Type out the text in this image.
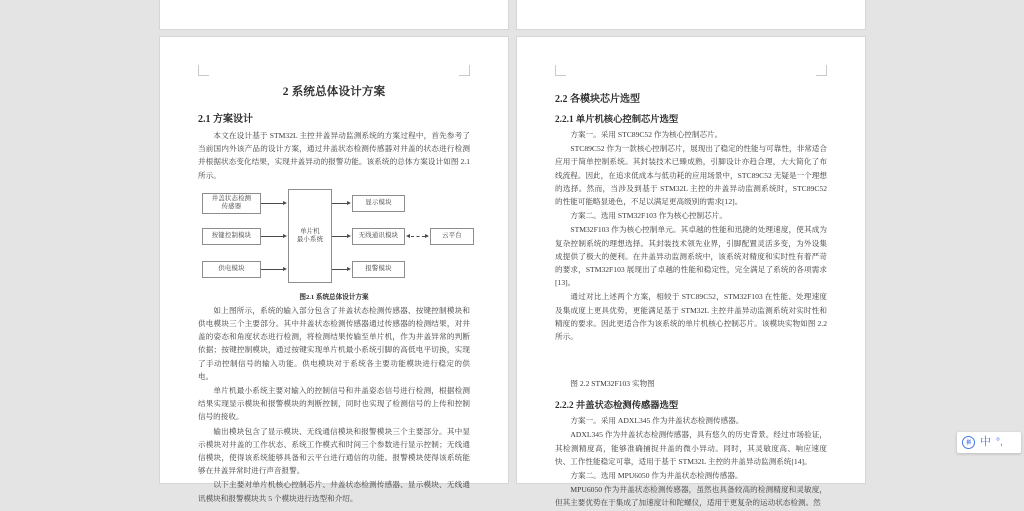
2 系统总体设计方案
2.1 方案设计

本文在设计基于 STM32L 主控井盖异动监测系统的方案过程中，首先参考了当前国内外该产品的设计方案，通过井盖状态检测传感器对井盖的状态进行检测并根据状态变化结果，实现井盖异动的报警功能。该系统的总体方案设计如图 2.1 所示。

井盖状态检测
传感器
按键控制模块
供电模块
单片机
最小系统
显示模块
无线通讯模块
报警模块
云平台
图2.1 系统总体设计方案

如上图所示，系统的输入部分包含了井盖状态检测传感器、按键控制模块和供电模块三个主要部分。其中井盖状态检测传感器通过传感器的检测结果，对井盖的姿态和角度状态进行检测，将检测结果传输至单片机，作为井盖异常的判断依据；按键控制模块，通过按键实现单片机最小系统引脚的高低电平切换，实现了手动控制信号的输入功能。供电模块对于系统各主要功能模块进行稳定的供电。

单片机最小系统主要对输入的控制信号和井盖姿态信号进行检测，根据检测结果实现显示模块和报警模块的判断控制，同时也实现了检测信号的上传和控制信号的接收。

输出模块包含了显示模块、无线通信模块和报警模块三个主要部分。其中显示模块对井盖的工作状态、系统工作模式和时间三个参数进行显示控制；无线通信模块，使得该系统能够具备和云平台进行通信的功能。报警模块使得该系统能够在井盖异常时进行声音报警。

以下主要对单片机核心控制芯片、井盖状态检测传感器、显示模块、无线通讯模块和报警模块共 5 个模块进行选型和介绍。

2.2 各模块芯片选型
2.2.1 单片机核心控制芯片选型

方案一。采用 STC89C52 作为核心控制芯片。

STC89C52 作为一款核心控制芯片，展现出了稳定的性能与可靠性，非常适合应用于简单控制系统。其封装技术已臻成熟，引脚设计亦趋合理，大大简化了布线流程。因此，在追求低成本与低功耗的应用场景中，STC89C52 无疑是一个理想的选择。然而，当涉及到基于 STM32L 主控的井盖异动监测系统时，STC89C52 的性能可能略显逊色，不足以满足更高级别的需求[12]。

方案二。选用 STM32F103 作为核心控制芯片。

STM32F103 作为核心控制单元。其卓越的性能和迅捷的处理速度，使其成为复杂控制系统的理想选择。其封装技术领先业界，引脚配置灵活多变，为外设集成提供了极大的便利。在井盖异动监测系统中，该系统对精度和实时性有着严苛的要求，STM32F103 展现出了卓越的性能和稳定性，完全满足了系统的各项需求[13]。

通过对比上述两个方案，相较于 STC89C52，STM32F103 在性能、处理速度及集成度上更具优势，更能满足基于 STM32L 主控井盖异动监测系统对实时性和精度的要求。因此更适合作为该系统的单片机核心控制芯片。该模块实物如图 2.2 所示。

图 2.2 STM32F103 实物图
2.2.2 井盖状态检测传感器选型

方案一。采用 ADXL345 作为井盖状态检测传感器。

ADXL345 作为井盖状态检测传感器，具有悠久的历史背景。经过市场验证，其检测精度高，能够准确捕捉井盖的微小异动。同时，其灵敏度高、响应速度快、工作性能稳定可靠，适用于基于 STM32L 主控的井盖异动监测系统[14]。

方案二。选用 MPU6050 作为井盖状态检测传感器。

MPU6050 作为井盖状态检测传感器，虽然也具备较高的检测精度和灵敏度，但其主要优势在于集成了加速度计和陀螺仪，适用于更复杂的运动状态检测。然

拼 中 °,
